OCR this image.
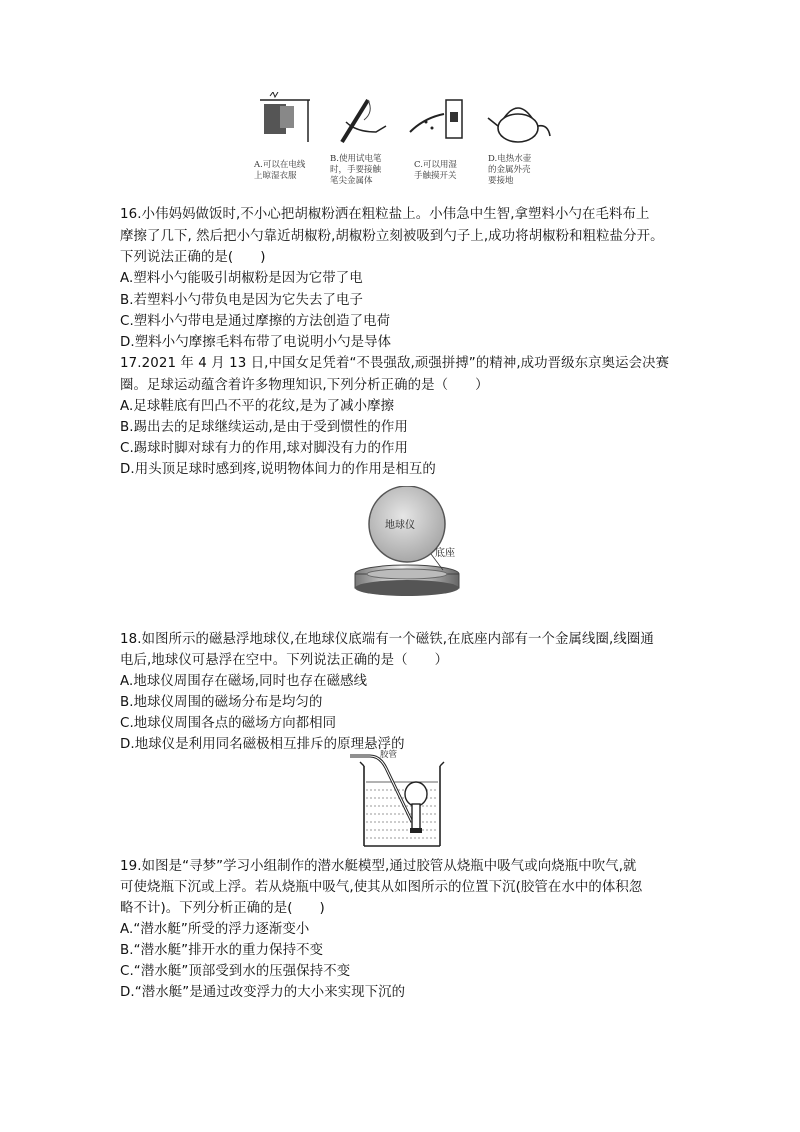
A.可以在电线
上晾湿衣服
B.使用试电笔
时，手要接触
笔尖金属体
C.可以用湿
手触摸开关
D.电热水壶
的金属外壳
要接地
16.小伟妈妈做饭时,不小心把胡椒粉洒在粗粒盐上。小伟急中生智,拿塑料小勺在毛料布上
摩擦了几下, 然后把小勺靠近胡椒粉,胡椒粉立刻被吸到勺子上,成功将胡椒粉和粗粒盐分开。
下列说法正确的是(　　)
A.塑料小勺能吸引胡椒粉是因为它带了电
B.若塑料小勺带负电是因为它失去了电子
C.塑料小勺带电是通过摩擦的方法创造了电荷
D.塑料小勺摩擦毛料布带了电说明小勺是导体
17.2021 年 4 月 13 日,中国女足凭着“不畏强敌,顽强拼搏”的精神,成功晋级东京奥运会决赛
圈。足球运动蕴含着许多物理知识,下列分析正确的是（　　）
A.足球鞋底有凹凸不平的花纹,是为了减小摩擦
B.踢出去的足球继续运动,是由于受到惯性的作用
C.踢球时脚对球有力的作用,球对脚没有力的作用
D.用头顶足球时感到疼,说明物体间力的作用是相互的
地球仪
底座
18.如图所示的磁悬浮地球仪,在地球仪底端有一个磁铁,在底座内部有一个金属线圈,线圈通
电后,地球仪可悬浮在空中。下列说法正确的是（　　）
A.地球仪周围存在磁场,同时也存在磁感线
B.地球仪周围的磁场分布是均匀的
C.地球仪周围各点的磁场方向都相同
D.地球仪是利用同名磁极相互排斥的原理悬浮的
胶管
19.如图是“寻梦”学习小组制作的潜水艇模型,通过胶管从烧瓶中吸气或向烧瓶中吹气,就
可使烧瓶下沉或上浮。若从烧瓶中吸气,使其从如图所示的位置下沉(胶管在水中的体积忽
略不计)。下列分析正确的是(　　)
A.“潜水艇”所受的浮力逐渐变小
B.“潜水艇”排开水的重力保持不变
C.“潜水艇”顶部受到水的压强保持不变
D.“潜水艇”是通过改变浮力的大小来实现下沉的
